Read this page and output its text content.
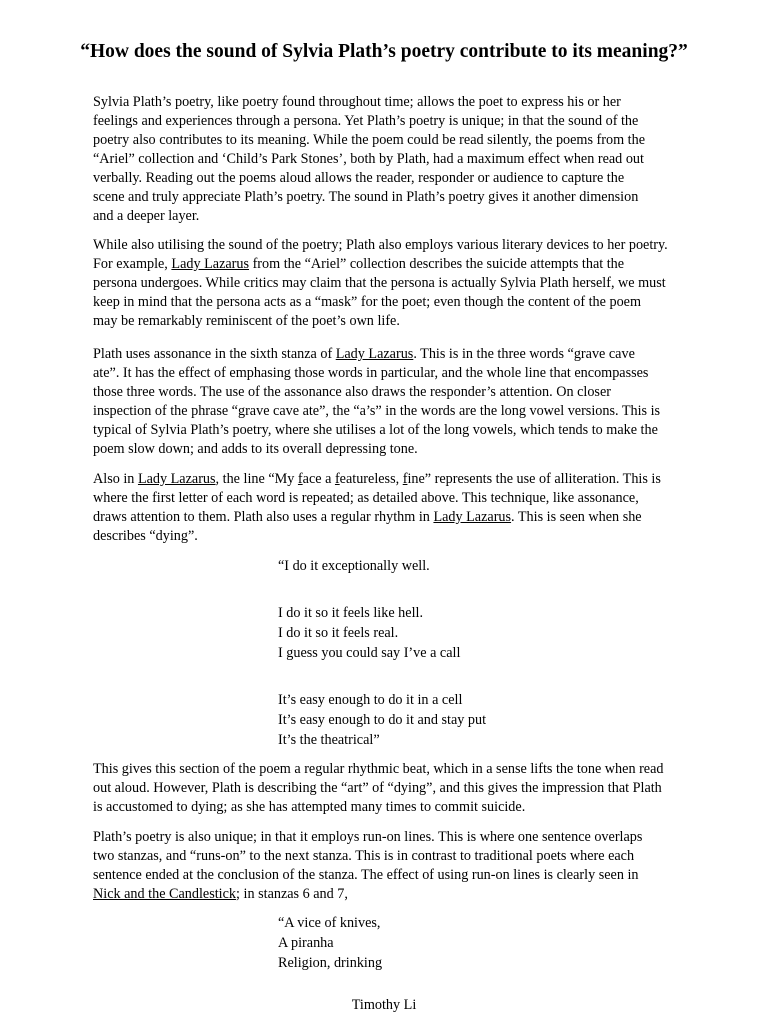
“How does the sound of Sylvia Plath’s poetry contribute to its meaning?”

Sylvia Plath’s poetry, like poetry found throughout time; allows the poet to express his or her

feelings and experiences through a persona. Yet Plath’s poetry is unique; in that the sound of the

poetry also contributes to its meaning. While the poem could be read silently, the poems from the

“Ariel” collection and ‘Child’s Park Stones’, both by Plath, had a maximum effect when read out

verbally. Reading out the poems aloud allows the reader, responder or audience to capture the

scene and truly appreciate Plath’s poetry. The sound in Plath’s poetry gives it another dimension

and a deeper layer.

While also utilising the sound of the poetry; Plath also employs various literary devices to her poetry.

For example, Lady Lazarus from the “Ariel” collection describes the suicide attempts that the

persona undergoes. While critics may claim that the persona is actually Sylvia Plath herself, we must

keep in mind that the persona acts as a “mask” for the poet; even though the content of the poem

may be remarkably reminiscent of the poet’s own life.

Plath uses assonance in the sixth stanza of Lady Lazarus. This is in the three words “grave cave

ate”. It has the effect of emphasing those words in particular, and the whole line that encompasses

those three words. The use of the assonance also draws the responder’s attention. On closer

inspection of the phrase “grave cave ate”, the “a’s” in the words are the long vowel versions. This is

typical of Sylvia Plath’s poetry, where she utilises a lot of the long vowels, which tends to make the

poem slow down; and adds to its overall depressing tone.

Also in Lady Lazarus, the line “My face a featureless, fine” represents the use of alliteration. This is

where the first letter of each word is repeated; as detailed above. This technique, like assonance,

draws attention to them. Plath also uses a regular rhythm in Lady Lazarus. This is seen when she

describes “dying”.

“I do it exceptionally well.

I do it so it feels like hell.

I do it so it feels real.

I guess you could say I’ve a call

It’s easy enough to do it in a cell

It’s easy enough to do it and stay put

It’s the theatrical”

This gives this section of the poem a regular rhythmic beat, which in a sense lifts the tone when read

out aloud. However, Plath is describing the “art” of “dying”, and this gives the impression that Plath

is accustomed to dying; as she has attempted many times to commit suicide.

Plath’s poetry is also unique; in that it employs run-on lines. This is where one sentence overlaps

two stanzas, and “runs-on” to the next stanza. This is in contrast to traditional poets where each

sentence ended at the conclusion of the stanza. The effect of using run-on lines is clearly seen in

Nick and the Candlestick; in stanzas 6 and 7,

“A vice of knives,

A piranha

Religion, drinking

Timothy Li
